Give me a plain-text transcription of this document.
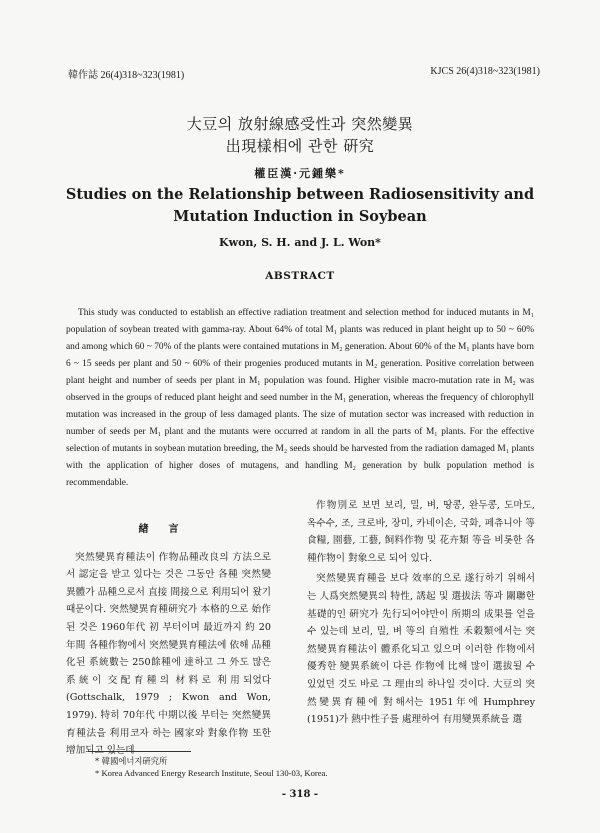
韓作誌 26(4)318~323(1981)	KJCS 26(4)318~323(1981)
大豆의 放射線感受性과 突然變異
出現樣相에 관한 硏究
權臣漢·元鍾樂*
Studies on the Relationship between Radiosensitivity and
Mutation Induction in Soybean
Kwon, S. H. and J. L. Won*
ABSTRACT

This study was conducted to establish an effective radiation treatment and selection method for induced mutants in M₁ population of soybean treated with gamma-ray. About 64% of total M₁ plants was reduced in plant height up to 50 ~ 60% and among which 60 ~ 70% of the plants were contained mutations in M₂ generation. About 60% of the M₁ plants have born 6 ~ 15 seeds per plant and 50 ~ 60% of their progenies produced mutants in M₂ generation. Positive correlation between plant height and number of seeds per plant in M₁ population was found. Higher visible macro-mutation rate in M₂ was observed in the groups of reduced plant height and seed number in the M₁ generation, whereas the frequency of chlorophyll mutation was increased in the group of less damaged plants. The size of mutation sector was increased with reduction in number of seeds per M₁ plant and the mutants were occurred at random in all the parts of M₁ plants. For the effective selection of mutants in soybean mutation breeding, the M₂ seeds should be harvested from the radiation damaged M₁ plants with the application of higher doses of mutagens, and handling M₂ generation by bulk population method is recommendable.

緖言

突然變異育種法이 作物品種改良의 方法으로서 認定을 받고 있다는 것은 그동안 各種 突然變異體가 品種으로서 直接 間接으로 利用되어 왔기 때문이다. 突然變異育種硏究가 本格的으로 始作된 것은 1960年代 初 부터이며 最近까지 約 20年間 各種作物에서 突然變異育種法에 依해 品種化된 系統數는 250餘種에 達하고 그 外도 많은 系統이 交配育種의 材料로 利用되었다(Gottschalk, 1979 ; Kwon and Won, 1979). 特히 70年代 中期以後 부터는 突然變異育種法을 利用코자 하는 國家와 對象作物 또한 增加되고 있는데

作物別로 보면 보리, 밀, 벼, 땅콩, 완두콩, 도마도, 옥수수, 조, 크로바, 장미, 카네이손, 국화, 페츄니아 等 食糧, 園藝, 工藝, 飼料作物 및 花卉類 等을 비롯한 各種作物이 對象으로 되어 있다.

突然變異育種을 보다 效率的으로 遂行하기 위해서는 人爲突然變異의 特性, 誘起 및 選拔法 等과 關聯한 基礎的인 硏究가 先行되어야만이 所期의 成果를 얻을 수 있는데 보리, 밀, 벼 等의 自殖性 禾穀類에서는 突然變異育種法이 體系化되고 있으며 이러한 作物에서 優秀한 變異系統이 다른 作物에 比해 많이 選拔될 수 있었던 것도 바로 그 理由의 하나일 것이다. 大豆의 突然變異育種에 對해서는 1951年에 Humphrey (1951)가 熱中性子를 處理하여 有用變異系統을 選

* 韓國에너지硏究所
* Korea Advanced Energy Research Institute, Seoul 130-03, Korea.
- 318 -
